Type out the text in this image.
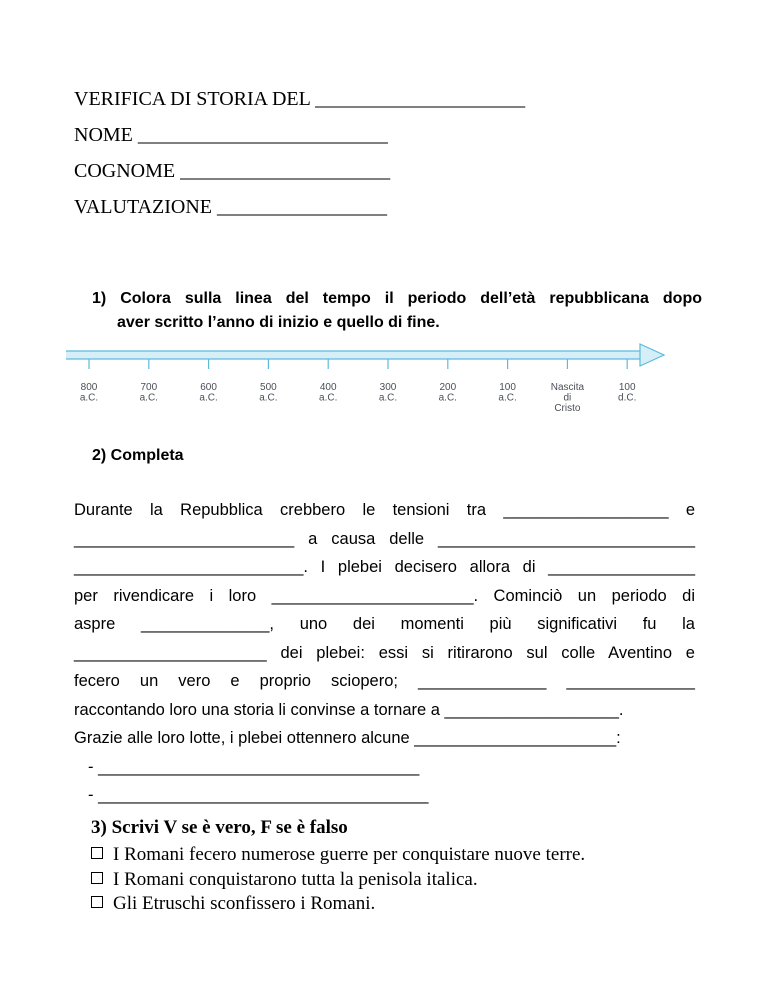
VERIFICA DI STORIA DEL _____________________
NOME _________________________
COGNOME _____________________
VALUTAZIONE _________________
1) Colora sulla linea del tempo il periodo dell’età repubblicana dopo
aver scritto l’anno di inizio e quello di fine.
800
a.C.
700
a.C.
600
a.C.
500
a.C.
400
a.C.
300
a.C.
200
a.C.
100
a.C.
Nascita
di
Cristo
100
d.C.
2) Completa
Durante la Repubblica crebbero le tensioni tra __________________ e
________________________ a causa delle ____________________________
_________________________. I plebei decisero allora di ________________
per rivendicare i loro ______________________. Cominciò un periodo di
aspre ______________, uno dei momenti più significativi fu la
_____________________ dei plebei: essi si ritirarono sul colle Aventino e
fecero un vero e proprio sciopero; ______________ ______________
raccontando loro una storia li convinse a tornare a ___________________.
Grazie alle loro lotte, i plebei ottennero alcune ______________________:
- ___________________________________
- ____________________________________
3) Scrivi V se è vero, F se è falso
I Romani fecero numerose guerre per conquistare nuove terre.
I Romani conquistarono tutta la penisola italica.
Gli Etruschi sconfissero i Romani.
